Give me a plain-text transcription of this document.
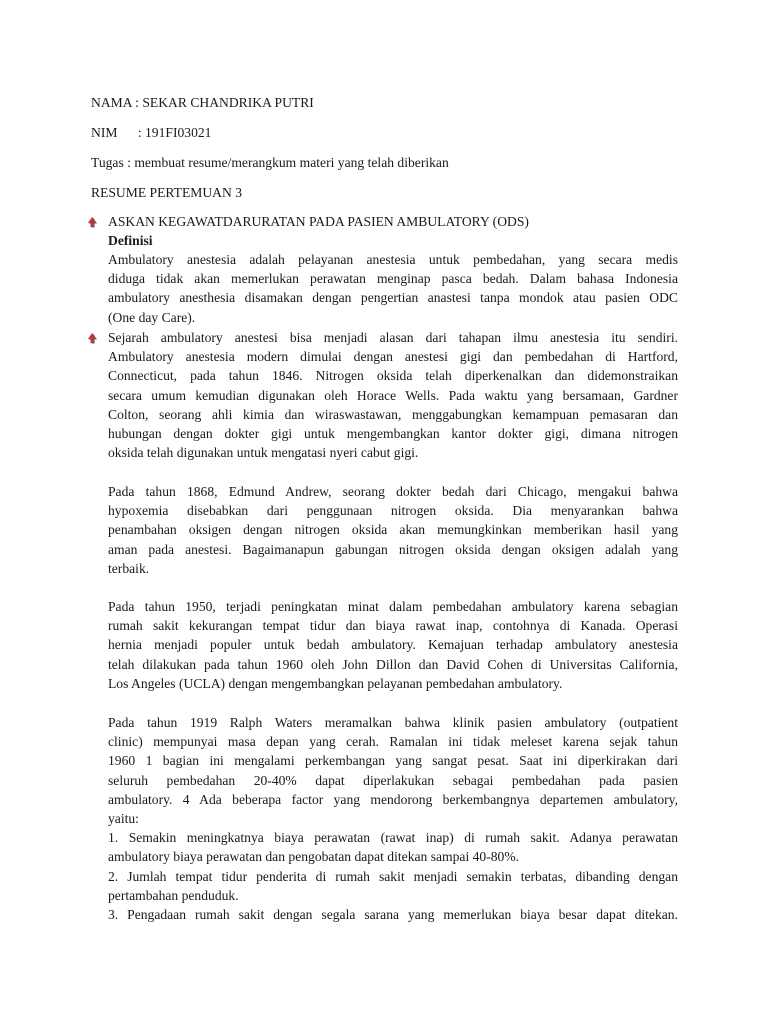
NAMA : SEKAR CHANDRIKA PUTRI
NIM      : 191FI03021
Tugas : membuat resume/merangkum materi yang telah diberikan
RESUME PERTEMUAN 3
ASKAN KEGAWATDARURATAN PADA PASIEN AMBULATORY (ODS)
Definisi
Ambulatory anestesia adalah pelayanan anestesia untuk pembedahan, yang secara medis
diduga tidak akan memerlukan perawatan menginap pasca bedah. Dalam bahasa Indonesia
ambulatory anesthesia disamakan dengan pengertian anastesi tanpa mondok atau pasien ODC
(One day Care).
Sejarah ambulatory anestesi bisa menjadi alasan dari tahapan ilmu anestesia itu sendiri.
Ambulatory anestesia modern dimulai dengan anestesi gigi dan pembedahan di Hartford,
Connecticut, pada tahun 1846. Nitrogen oksida telah diperkenalkan dan didemonstraikan
secara umum kemudian digunakan oleh Horace Wells. Pada waktu yang bersamaan, Gardner
Colton, seorang ahli kimia dan wiraswastawan, menggabungkan kemampuan pemasaran dan
hubungan dengan dokter gigi untuk mengembangkan kantor dokter gigi, dimana nitrogen
oksida telah digunakan untuk mengatasi nyeri cabut gigi.
Pada tahun 1868, Edmund Andrew, seorang dokter bedah dari Chicago, mengakui bahwa
hypoxemia disebabkan dari penggunaan nitrogen oksida. Dia menyarankan bahwa
penambahan oksigen dengan nitrogen oksida akan memungkinkan memberikan hasil yang
aman pada anestesi. Bagaimanapun gabungan nitrogen oksida dengan oksigen adalah yang
terbaik.
Pada tahun 1950, terjadi peningkatan minat dalam pembedahan ambulatory karena sebagian
rumah sakit kekurangan tempat tidur dan biaya rawat inap, contohnya di Kanada. Operasi
hernia menjadi populer untuk bedah ambulatory. Kemajuan terhadap ambulatory anestesia
telah dilakukan pada tahun 1960 oleh John Dillon dan David Cohen di Universitas California,
Los Angeles (UCLA) dengan mengembangkan pelayanan pembedahan ambulatory.
Pada tahun 1919 Ralph Waters meramalkan bahwa klinik pasien ambulatory (outpatient
clinic) mempunyai masa depan yang cerah. Ramalan ini tidak meleset karena sejak tahun
1960 1 bagian ini mengalami perkembangan yang sangat pesat. Saat ini diperkirakan dari
seluruh pembedahan 20-40% dapat diperlakukan sebagai pembedahan pada pasien
ambulatory. 4 Ada beberapa factor yang mendorong berkembangnya departemen ambulatory,
yaitu:
1. Semakin meningkatnya biaya perawatan (rawat inap) di rumah sakit. Adanya perawatan
ambulatory biaya perawatan dan pengobatan dapat ditekan sampai 40-80%.
2. Jumlah tempat tidur penderita di rumah sakit menjadi semakin terbatas, dibanding dengan
pertambahan penduduk.
3. Pengadaan rumah sakit dengan segala sarana yang memerlukan biaya besar dapat ditekan.
